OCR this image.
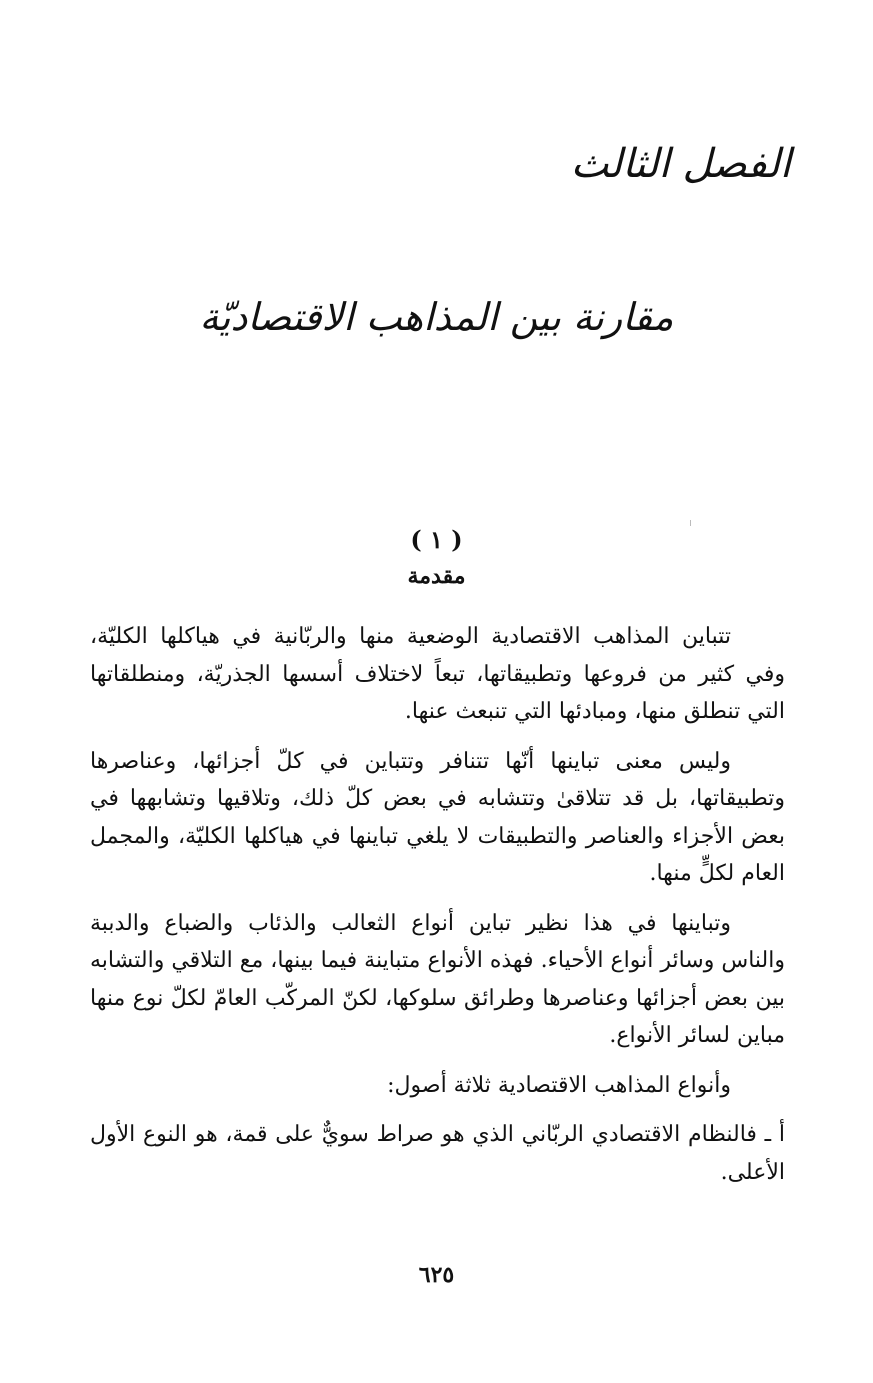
الفصل الثالث
مقارنة بين المذاهب الاقتصاديّة
( ١ )
مقدمة

تتباين المذاهب الاقتصادية الوضعية منها والربّانية في هياكلها الكليّة، وفي كثير من فروعها وتطبيقاتها، تبعاً لاختلاف أسسها الجذريّة، ومنطلقاتها التي تنطلق منها، ومبادئها التي تنبعث عنها.

وليس معنى تباينها أنّها تتنافر وتتباين في كلّ أجزائها، وعناصرها وتطبيقاتها، بل قد تتلاقىٰ وتتشابه في بعض كلّ ذلك، وتلاقيها وتشابهها في بعض الأجزاء والعناصر والتطبيقات لا يلغي تباينها في هياكلها الكليّة، والمجمل العام لكلٍّ منها.

وتباينها في هذا نظير تباين أنواع الثعالب والذئاب والضباع والدببة والناس وسائر أنواع الأحياء. فهذه الأنواع متباينة فيما بينها، مع التلاقي والتشابه بين بعض أجزائها وعناصرها وطرائق سلوكها، لكنّ المركّب العامّ لكلّ نوع منها مباين لسائر الأنواع.

وأنواع المذاهب الاقتصادية ثلاثة أصول:

أ ـ فالنظام الاقتصادي الربّاني الذي هو صراط سويٌّ على قمة، هو النوع الأول الأعلى.

٦٢٥
